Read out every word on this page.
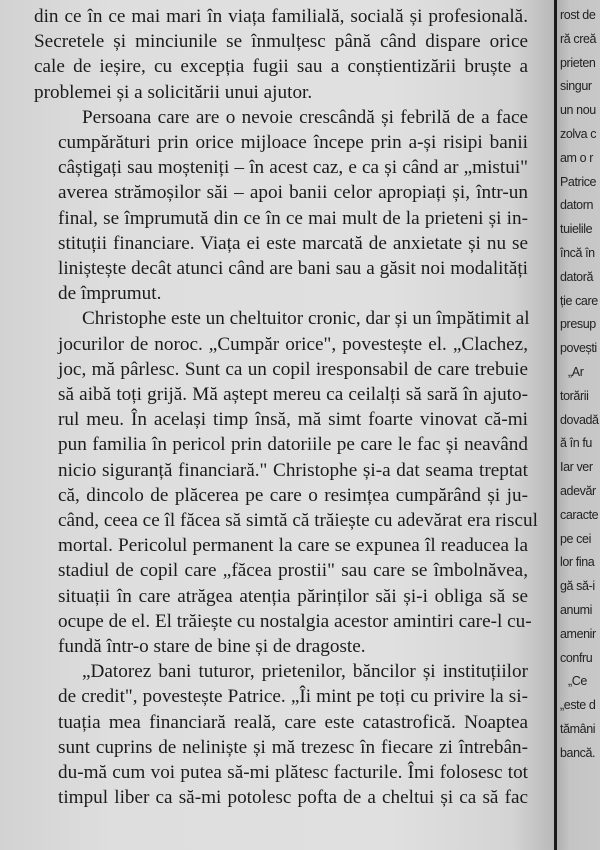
din ce în ce mai mari în viața familială, socială și profesională.
Secretele și minciunile se înmulțesc până când dispare orice
cale de ieșire, cu excepția fugii sau a conștientizării bruște a
problemei și a solicitării unui ajutor.

Persoana care are o nevoie crescândă și febrilă de a face
cumpărături prin orice mijloace începe prin a-și risipi banii
câștigați sau moșteniți – în acest caz, e ca și când ar „mistui"
averea strămoșilor săi – apoi banii celor apropiați și, într-un
final, se împrumută din ce în ce mai mult de la prieteni și in-
stituții financiare. Viața ei este marcată de anxietate și nu se
liniștește decât atunci când are bani sau a găsit noi modalități
de împrumut.

Christophe este un cheltuitor cronic, dar și un împătimit al
jocurilor de noroc. „Cumpăr orice", povestește el. „Clachez,
joc, mă pârlesc. Sunt ca un copil iresponsabil de care trebuie
să aibă toți grijă. Mă aștept mereu ca ceilalți să sară în ajuto-
rul meu. În același timp însă, mă simt foarte vinovat că-mi
pun familia în pericol prin datoriile pe care le fac și neavând
nicio siguranță financiară." Christophe și-a dat seama treptat
că, dincolo de plăcerea pe care o resimțea cumpărând și ju-
când, ceea ce îl făcea să simtă că trăiește cu adevărat era riscul
mortal. Pericolul permanent la care se expunea îl readucea la
stadiul de copil care „făcea prostii" sau care se îmbolnăvea,
situații în care atrăgea atenția părinților săi și-i obliga să se
ocupe de el. El trăiește cu nostalgia acestor amintiri care-l cu-
fundă într-o stare de bine și de dragoste.

„Datorez bani tuturor, prietenilor, băncilor și instituțiilor
de credit", povestește Patrice. „Îi mint pe toți cu privire la si-
tuația mea financiară reală, care este catastrofică. Noaptea
sunt cuprins de neliniște și mă trezesc în fiecare zi întrebân-
du-mă cum voi putea să-mi plătesc facturile. Îmi folosesc tot
timpul liber ca să-mi potolesc pofta de a cheltui și ca să fac

rost de
ră creă
prieten
singur
un nou
zolva c
am o r
Patrice
datorn
tuielile
încă în
datoră
ție care
presup
povești
„Ar
torării
dovadă
ă în fu
Iar ver
adevăr
caracte
pe cei
lor fina
gă să-i
anumi
amenir
confru
„Ce
„este d
tămâni
bancă.
